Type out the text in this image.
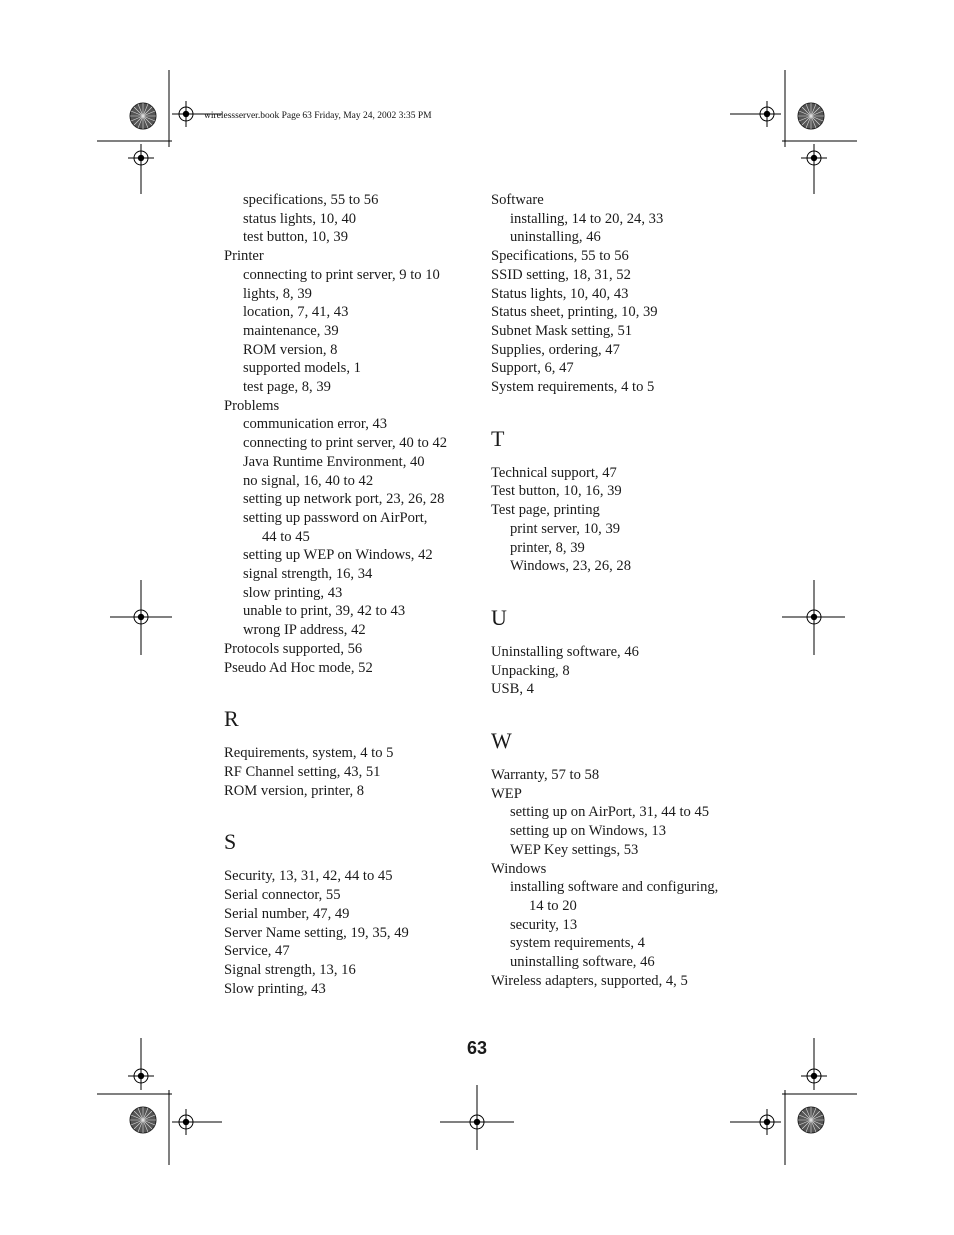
wirelessserver.book Page 63 Friday, May 24, 2002 3:35 PM
specifications, 55 to 56
status lights, 10, 40
test button, 10, 39
Printer
connecting to print server, 9 to 10
lights, 8, 39
location, 7, 41, 43
maintenance, 39
ROM version, 8
supported models, 1
test page, 8, 39
Problems
communication error, 43
connecting to print server, 40 to 42
Java Runtime Environment, 40
no signal, 16, 40 to 42
setting up network port, 23, 26, 28
setting up password on AirPort,
44 to 45
setting up WEP on Windows, 42
signal strength, 16, 34
slow printing, 43
unable to print, 39, 42 to 43
wrong IP address, 42
Protocols supported, 56
Pseudo Ad Hoc mode, 52
R
Requirements, system, 4 to 5
RF Channel setting, 43, 51
ROM version, printer, 8
S
Security, 13, 31, 42, 44 to 45
Serial connector, 55
Serial number, 47, 49
Server Name setting, 19, 35, 49
Service, 47
Signal strength, 13, 16
Slow printing, 43
Software
installing, 14 to 20, 24, 33
uninstalling, 46
Specifications, 55 to 56
SSID setting, 18, 31, 52
Status lights, 10, 40, 43
Status sheet, printing, 10, 39
Subnet Mask setting, 51
Supplies, ordering, 47
Support, 6, 47
System requirements, 4 to 5
T
Technical support, 47
Test button, 10, 16, 39
Test page, printing
print server, 10, 39
printer, 8, 39
Windows, 23, 26, 28
U
Uninstalling software, 46
Unpacking, 8
USB, 4
W
Warranty, 57 to 58
WEP
setting up on AirPort, 31, 44 to 45
setting up on Windows, 13
WEP Key settings, 53
Windows
installing software and configuring,
14 to 20
security, 13
system requirements, 4
uninstalling software, 46
Wireless adapters, supported, 4, 5
63
